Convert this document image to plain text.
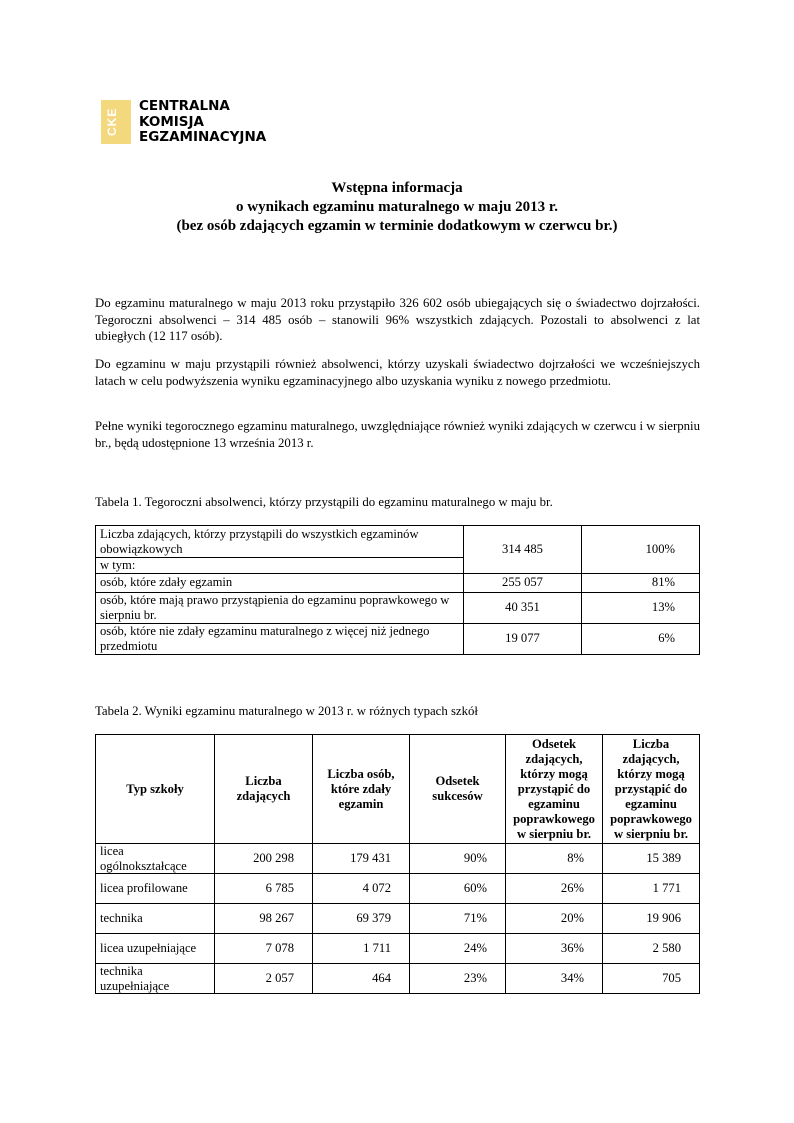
CKE
CENTRALNA
KOMISJA
EGZAMINACYJNA
Wstępna informacja
o wynikach egzaminu maturalnego w maju 2013 r.
(bez osób zdających egzamin w terminie dodatkowym w czerwcu br.)
Do egzaminu maturalnego w maju 2013 roku przystąpiło 326 602 osób ubiegających się o świadectwo dojrzałości. Tegoroczni absolwenci – 314 485 osób – stanowili 96% wszystkich zdających. Pozostali to absolwenci z lat ubiegłych (12 117 osób).
Do egzaminu w maju przystąpili również absolwenci, którzy uzyskali świadectwo dojrzałości we wcześniejszych latach w celu podwyższenia wyniku egzaminacyjnego albo uzyskania wyniku z nowego przedmiotu.
Pełne wyniki tegorocznego egzaminu maturalnego, uwzględniające również wyniki zdających w czerwcu i w sierpniu br., będą udostępnione 13 września 2013 r.
Tabela 1. Tegoroczni absolwenci, którzy przystąpili do egzaminu maturalnego w maju br.
Liczba zdających, którzy przystąpili do wszystkich egzaminów obowiązkowych	314 485	100%
w tym:		
osób, które zdały egzamin	255 057	81%
osób, które mają prawo przystąpienia do egzaminu poprawkowego w sierpniu br.	40 351	13%
osób, które nie zdały egzaminu maturalnego z więcej niż jednego przedmiotu	19 077	6%
Tabela 2. Wyniki egzaminu maturalnego w 2013 r. w różnych typach szkół
Typ szkoły	Liczba zdających	Liczba osób, które zdały egzamin	Odsetek sukcesów	Odsetek zdających, którzy mogą przystąpić do egzaminu poprawkowego w sierpniu br.	Liczba zdających, którzy mogą przystąpić do egzaminu poprawkowego w sierpniu br.
licea ogólnokształcące	200 298	179 431	90%	8%	15 389
licea profilowane	6 785	4 072	60%	26%	1 771
technika	98 267	69 379	71%	20%	19 906
licea uzupełniające	7 078	1 711	24%	36%	2 580
technika uzupełniające	2 057	464	23%	34%	705
